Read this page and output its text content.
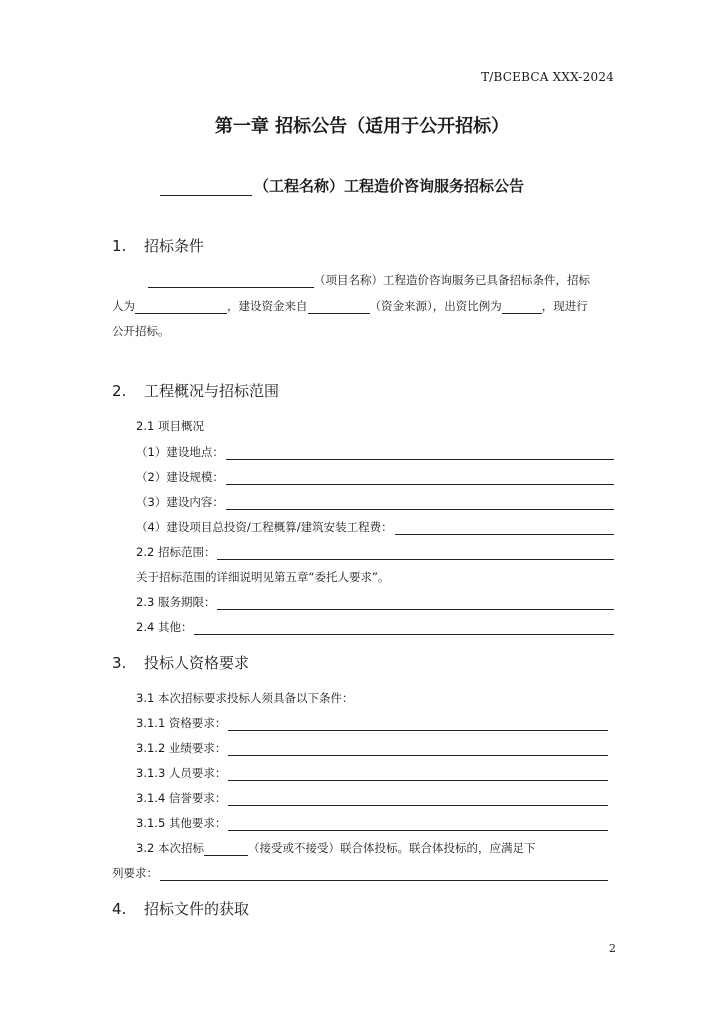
T/BCEBCA XXX-2024
第一章 招标公告（适用于公开招标）
（工程名称）工程造价咨询服务招标公告
1. 招标条件
（项目名称）工程造价咨询服务已具备招标条件，招标
人为	，建设资金来自	（资金来源），出资比例为	，现进行
公开招标。
2. 工程概况与招标范围
2.1 项目概况
（1）建设地点：
（2）建设规模：
（3）建设内容：
（4）建设项目总投资/工程概算/建筑安装工程费：
2.2 招标范围：
关于招标范围的详细说明见第五章“委托人要求”。
2.3 服务期限：
2.4 其他：
3. 投标人资格要求
3.1 本次招标要求投标人须具备以下条件：
3.1.1 资格要求：
3.1.2 业绩要求：
3.1.3 人员要求：
3.1.4 信誉要求：
3.1.5 其他要求：
3.2 本次招标	（接受或不接受）联合体投标。联合体投标的，应满足下
列要求：
4. 招标文件的获取
2
